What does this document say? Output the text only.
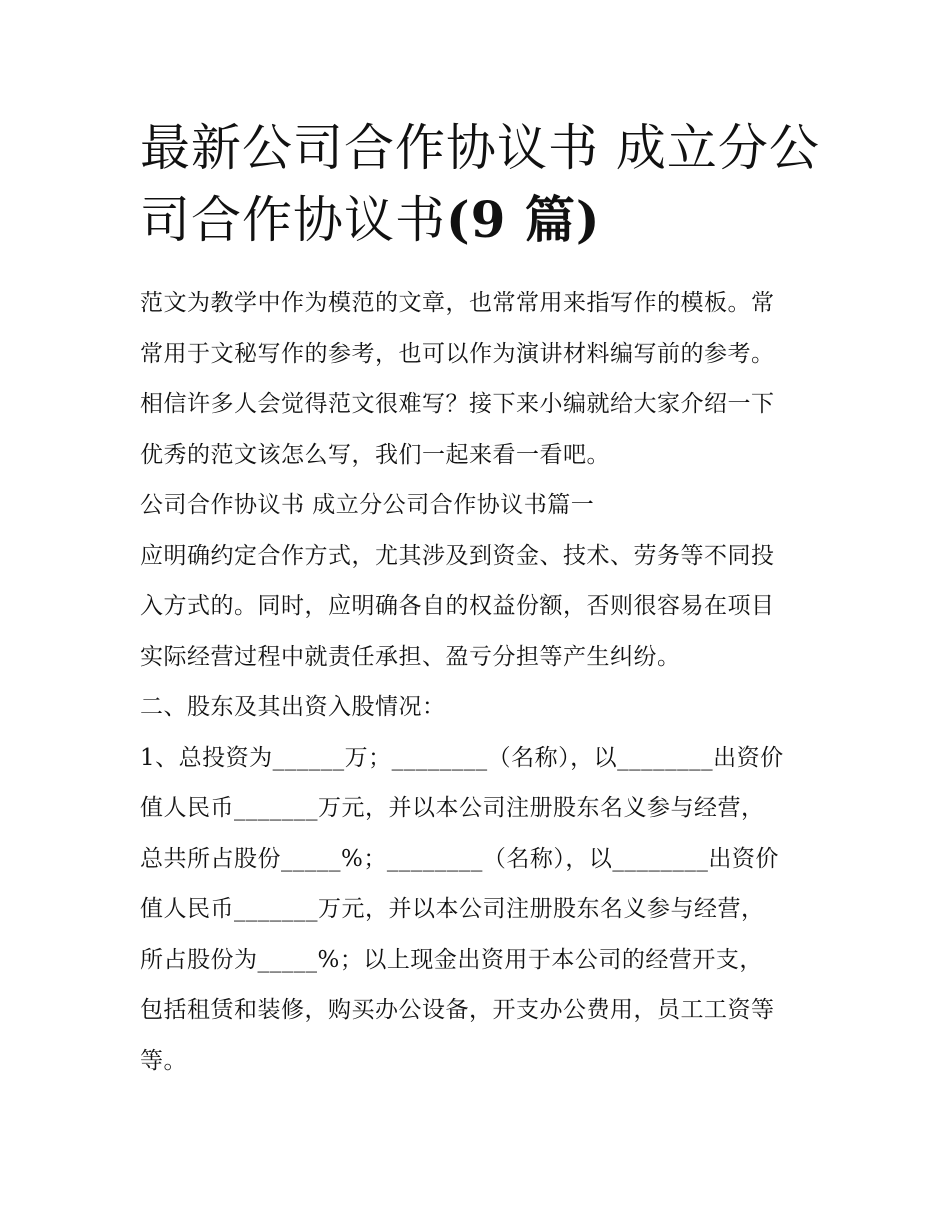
最新公司合作协议书 成立分公
司合作协议书(9 篇)
范文为教学中作为模范的文章，也常常用来指写作的模板。常
常用于文秘写作的参考，也可以作为演讲材料编写前的参考。
相信许多人会觉得范文很难写？接下来小编就给大家介绍一下
优秀的范文该怎么写，我们一起来看一看吧。
公司合作协议书 成立分公司合作协议书篇一
应明确约定合作方式，尤其涉及到资金、技术、劳务等不同投
入方式的。同时，应明确各自的权益份额，否则很容易在项目
实际经营过程中就责任承担、盈亏分担等产生纠纷。
二、股东及其出资入股情况：
1、总投资为______万；________（名称），以________出资价
值人民币_______万元，并以本公司注册股东名义参与经营，
总共所占股份_____%；________（名称），以________出资价
值人民币_______万元，并以本公司注册股东名义参与经营，
所占股份为_____%；以上现金出资用于本公司的经营开支，
包括租赁和装修，购买办公设备，开支办公费用，员工工资等
等。
